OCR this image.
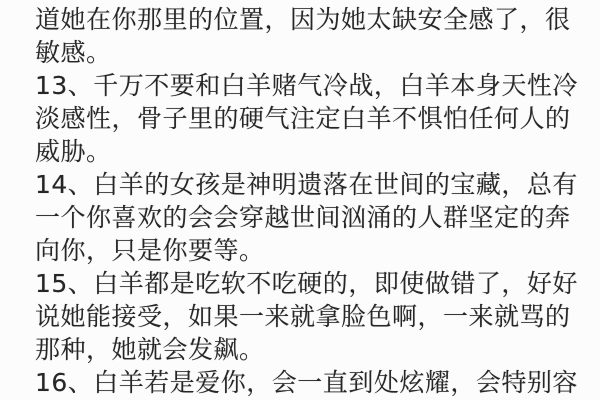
道她在你那里的位置，因为她太缺安全感了，很
敏感。
13、千万不要和白羊赌气冷战，白羊本身天性冷
淡感性，骨子里的硬气注定白羊不惧怕任何人的
威胁。
14、白羊的女孩是神明遗落在世间的宝藏，总有
一个你喜欢的会会穿越世间汹涌的人群坚定的奔
向你，只是你要等。
15、白羊都是吃软不吃硬的，即使做错了，好好
说她能接受，如果一来就拿脸色啊，一来就骂的
那种，她就会发飙。
16、白羊若是爱你，会一直到处炫耀，会特别容
